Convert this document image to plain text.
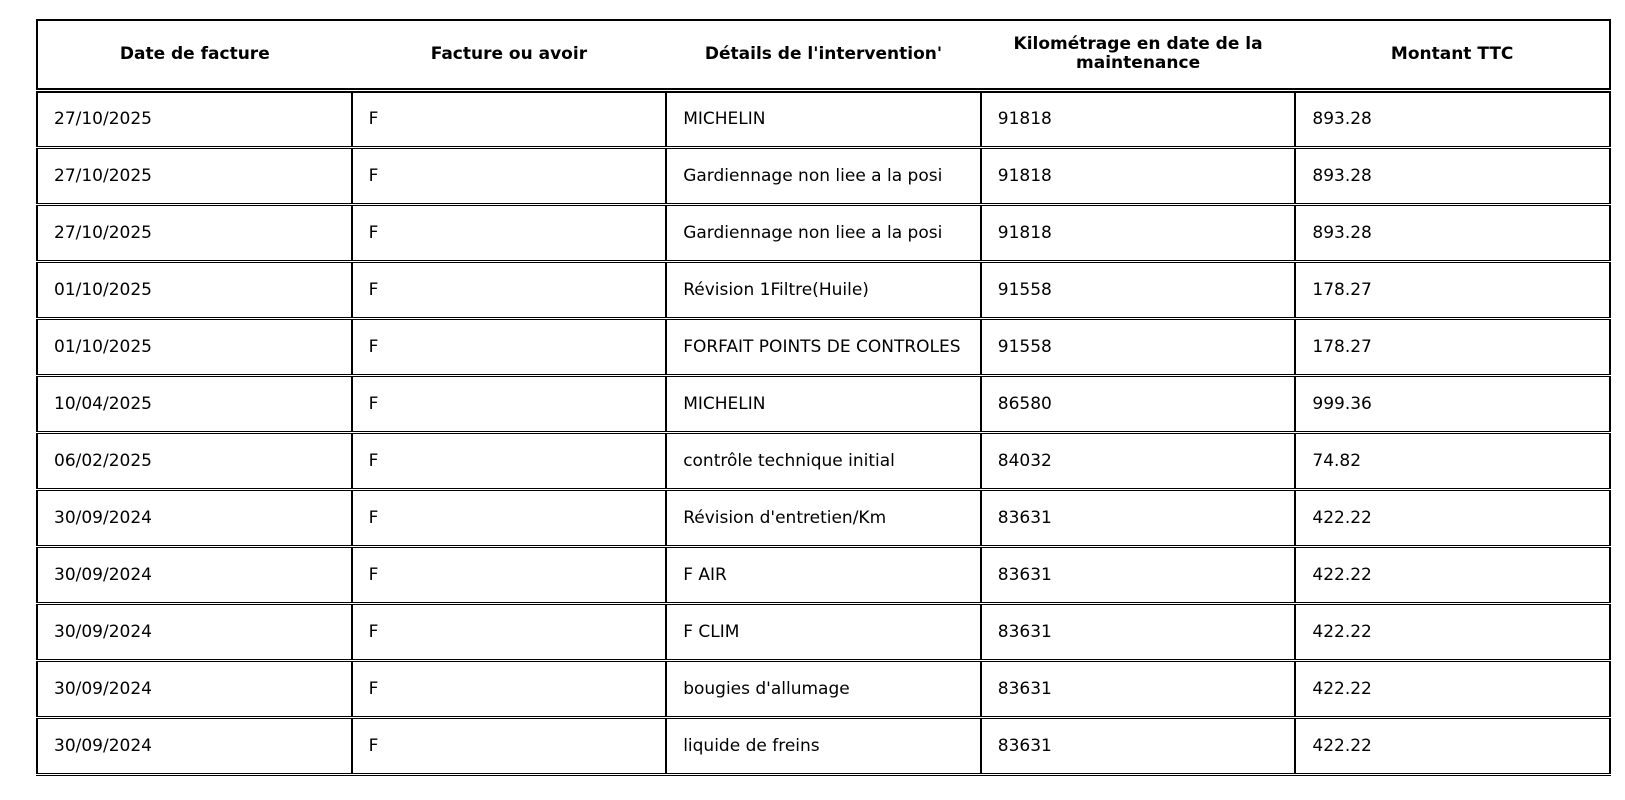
Date de facture	Facture ou avoir	Détails de l'intervention'	Kilométrage en date de la maintenance	Montant TTC
27/10/2025	F	MICHELIN	91818	893.28
27/10/2025	F	Gardiennage non liee a la posi	91818	893.28
27/10/2025	F	Gardiennage non liee a la posi	91818	893.28
01/10/2025	F	Révision 1Filtre(Huile)	91558	178.27
01/10/2025	F	FORFAIT POINTS DE CONTROLES	91558	178.27
10/04/2025	F	MICHELIN	86580	999.36
06/02/2025	F	contrôle technique initial	84032	74.82
30/09/2024	F	Révision d'entretien/Km	83631	422.22
30/09/2024	F	F AIR	83631	422.22
30/09/2024	F	F CLIM	83631	422.22
30/09/2024	F	bougies d'allumage	83631	422.22
30/09/2024	F	liquide de freins	83631	422.22
